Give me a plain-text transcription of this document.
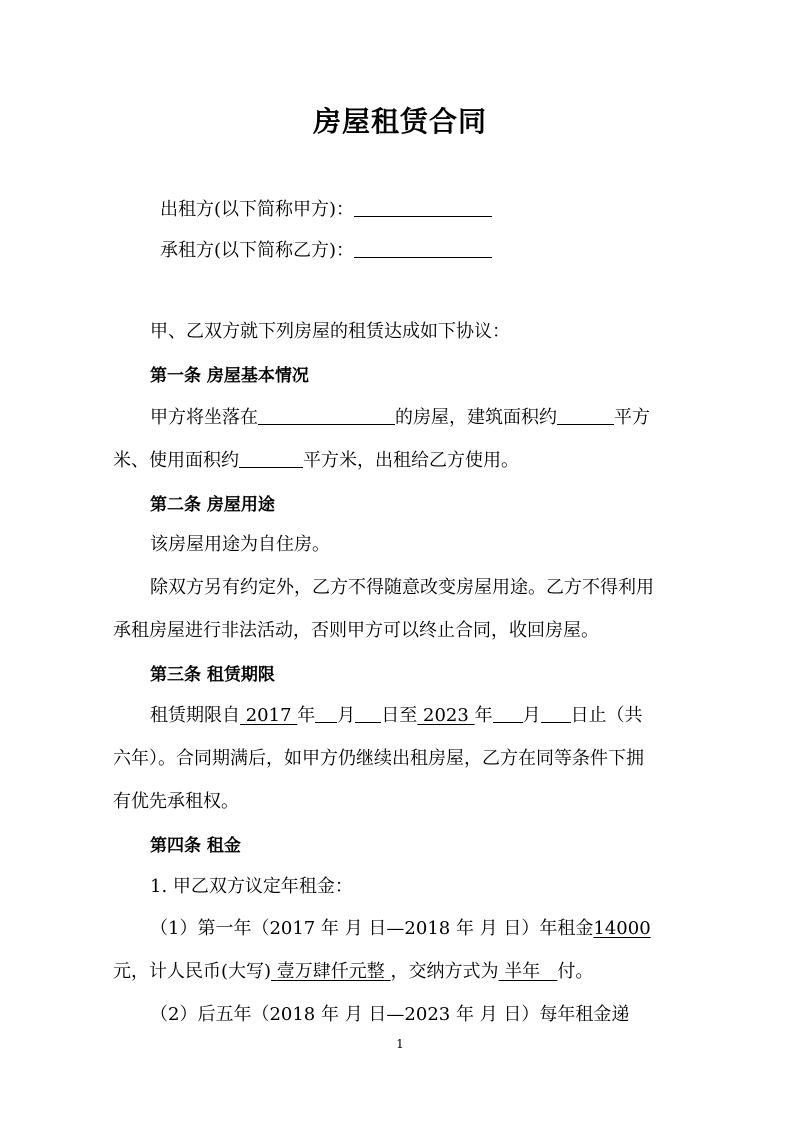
房屋租赁合同
出租方(以下简称甲方)：
承租方(以下简称乙方)：
甲、乙双方就下列房屋的租赁达成如下协议：
第一条 房屋基本情况
甲方将坐落在	的房屋，建筑面积约	平方
米、使用面积约	平方米，出租给乙方使用。
第二条 房屋用途
该房屋用途为自住房。
除双方另有约定外，乙方不得随意改变房屋用途。乙方不得利用
承租房屋进行非法活动，否则甲方可以终止合同，收回房屋。
第三条 租赁期限
租赁期限自 2017 年 月 日至 2023 年 月 日止（共
六年）。合同期满后，如甲方仍继续出租房屋，乙方在同等条件下拥
有优先承租权。
第四条 租金
1. 甲乙双方议定年租金：
（1）第一年（2017 年 月 日—2018 年 月 日）年租金14000
元，计人民币(大写) 壹万肆仟元整 ，交纳方式为 半年 付。
（2）后五年（2018 年 月 日—2023 年 月 日）每年租金递
1
